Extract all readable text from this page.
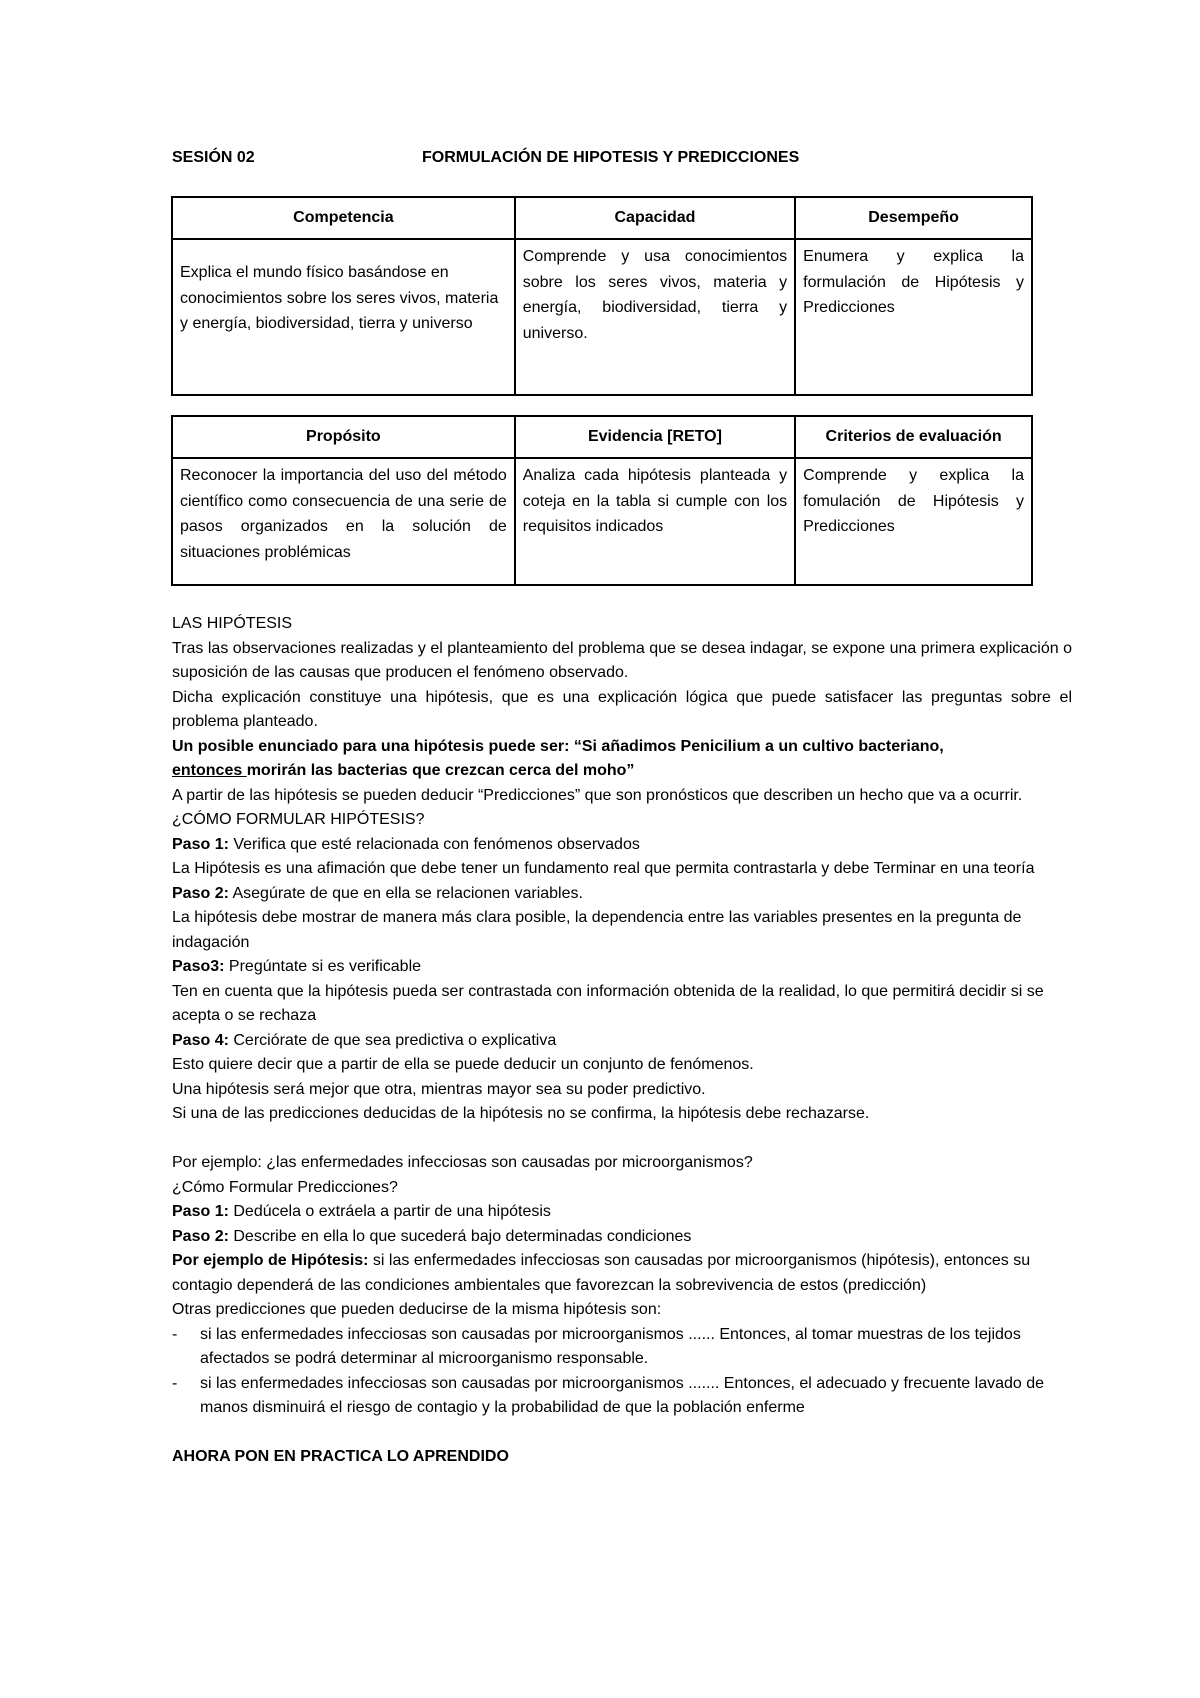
SESIÓN 02	FORMULACIÓN DE HIPOTESIS Y PREDICCIONES
Competencia	Capacidad	Desempeño
Explica el mundo físico basándose en conocimientos sobre los seres vivos, materia y energía, biodiversidad, tierra y universo	Comprende y usa conocimientos sobre los seres vivos, materia y energía, biodiversidad, tierra y universo.	Enumera y explica la formulación de Hipótesis y Predicciones
Propósito	Evidencia [RETO]	Criterios de evaluación
Reconocer la importancia del uso del método científico como consecuencia de una serie de pasos organizados en la solución de situaciones problémicas	Analiza cada hipótesis planteada y coteja en la tabla si cumple con los requisitos indicados	Comprende y explica la fomulación de Hipótesis y Predicciones

LAS HIPÓTESIS

Tras las observaciones realizadas y el planteamiento del problema que se desea indagar, se expone una primera explicación o suposición de las causas que producen el fenómeno observado.

Dicha explicación constituye una hipótesis, que es una explicación lógica que puede satisfacer las preguntas sobre el problema planteado.

Un posible enunciado para una hipótesis puede ser: “Si añadimos Penicilium a un cultivo bacteriano,
entonces morirán las bacterias que crezcan cerca del moho”

A partir de las hipótesis se pueden deducir “Predicciones” que son pronósticos que describen un hecho que va a ocurrir.

¿CÓMO FORMULAR HIPÓTESIS?

Paso 1: Verifica que esté relacionada con fenómenos observados

La Hipótesis es una afimación que debe tener un fundamento real que permita contrastarla y debe Terminar en una teoría

Paso 2: Asegúrate de que en ella se relacionen variables.

La hipótesis debe mostrar de manera más clara posible, la dependencia entre las variables presentes en la pregunta de indagación

Paso3: Pregúntate si es verificable

Ten en cuenta que la hipótesis pueda ser contrastada con información obtenida de la realidad, lo que permitirá decidir si se acepta o se rechaza

Paso 4: Cerciórate de que sea predictiva o explicativa

Esto quiere decir que a partir de ella se puede deducir un conjunto de fenómenos.

Una hipótesis será mejor que otra, mientras mayor sea su poder predictivo.

Si una de las predicciones deducidas de la hipótesis no se confirma, la hipótesis debe rechazarse.

Por ejemplo: ¿las enfermedades infecciosas son causadas por microorganismos?

¿Cómo Formular Predicciones?

Paso 1: Dedúcela o extráela a partir de una hipótesis

Paso 2: Describe en ella lo que sucederá bajo determinadas condiciones

Por ejemplo de Hipótesis: si las enfermedades infecciosas son causadas por microorganismos (hipótesis), entonces su contagio dependerá de las condiciones ambientales que favorezcan la sobrevivencia de estos (predicción)

Otras predicciones que pueden deducirse de la misma hipótesis son:

- si las enfermedades infecciosas son causadas por microorganismos ...... Entonces, al tomar muestras de los tejidos afectados se podrá determinar al microorganismo responsable.

- si las enfermedades infecciosas son causadas por microorganismos ....... Entonces, el adecuado y frecuente lavado de manos disminuirá el riesgo de contagio y la probabilidad de que la población enferme

AHORA PON EN PRACTICA LO APRENDIDO
